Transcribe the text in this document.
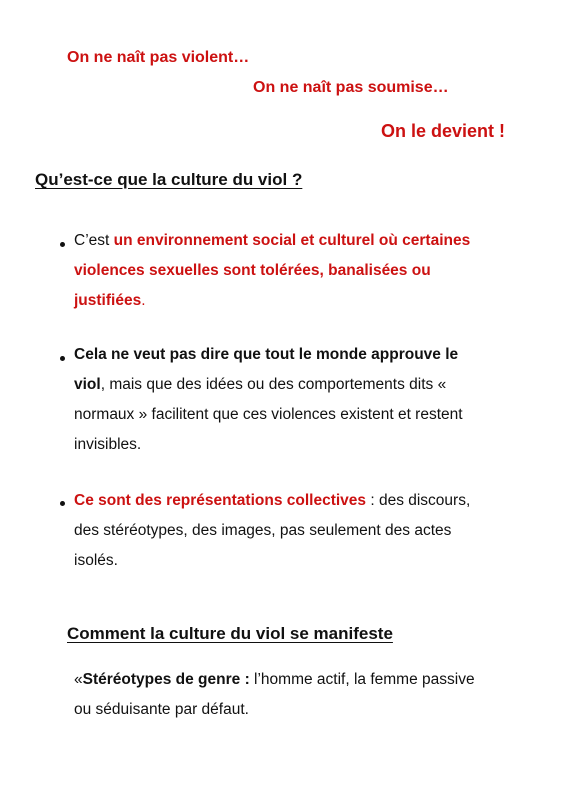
On ne naît pas violent…
On ne naît pas soumise…
On le devient !
Qu’est-ce que la culture du viol ?
C’est un environnement social et culturel où certaines
violences sexuelles sont tolérées, banalisées ou
justifiées.
Cela ne veut pas dire que tout le monde approuve le
viol, mais que des idées ou des comportements dits «
normaux » facilitent que ces violences existent et restent
invisibles.
Ce sont des représentations collectives : des discours,
des stéréotypes, des images, pas seulement des actes
isolés.
Comment la culture du viol se manifeste
«Stéréotypes de genre : l’homme actif, la femme passive
ou séduisante par défaut.
